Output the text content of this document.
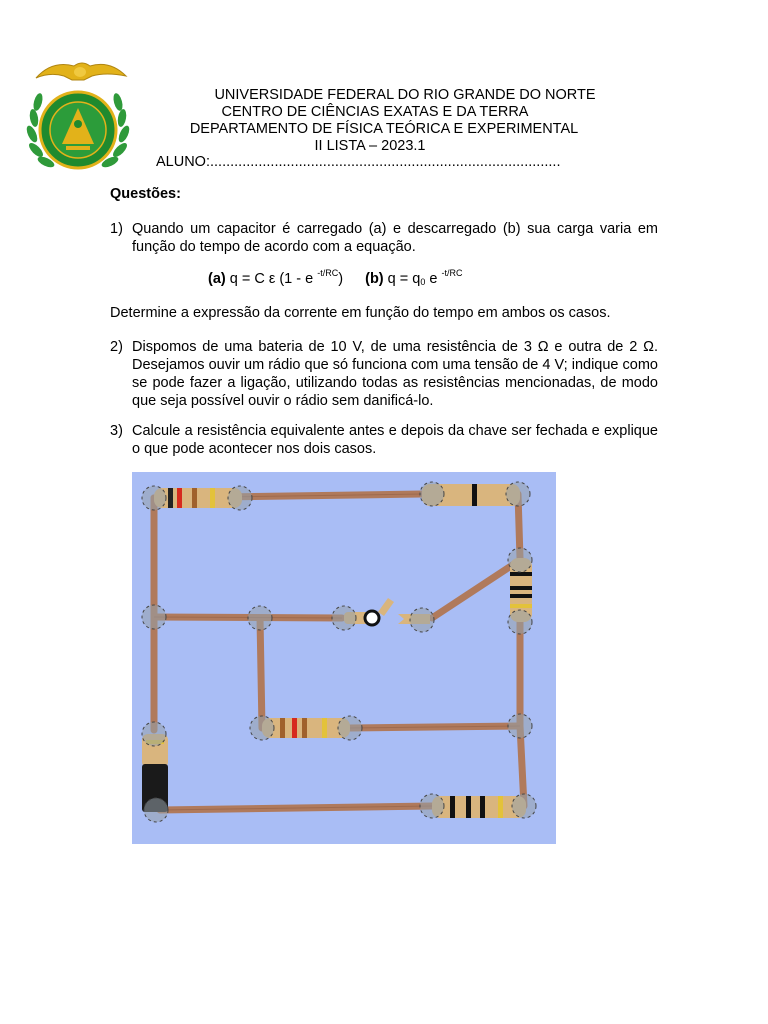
UNIVERSIDADE FEDERAL DO RIO GRANDE DO NORTE
CENTRO DE CIÊNCIAS EXATAS E DA TERRA
DEPARTAMENTO DE FÍSICA TEÓRICA E EXPERIMENTAL
II LISTA – 2023.1
ALUNO:.......................................................................................
Questões:
1) Quando um capacitor é carregado (a) e descarregado (b) sua carga varia em função do tempo de acordo com a equação.
(a) q = C ε (1 - e $^{-t/RC}$) (b) $q = q_0$ e $^{-t/RC}$
Determine a expressão da corrente em função do tempo em ambos os casos.
2) Dispomos de uma bateria de 10 V, de uma resistência de 3 Ω e outra de 2 Ω. Desejamos ouvir um rádio que só funciona com uma tensão de 4 V; indique como se pode fazer a ligação, utilizando todas as resistências mencionadas, de modo que seja possível ouvir o rádio sem danificá-lo.
3) Calcule a resistência equivalente antes e depois da chave ser fechada e explique o que pode acontecer nos dois casos.
